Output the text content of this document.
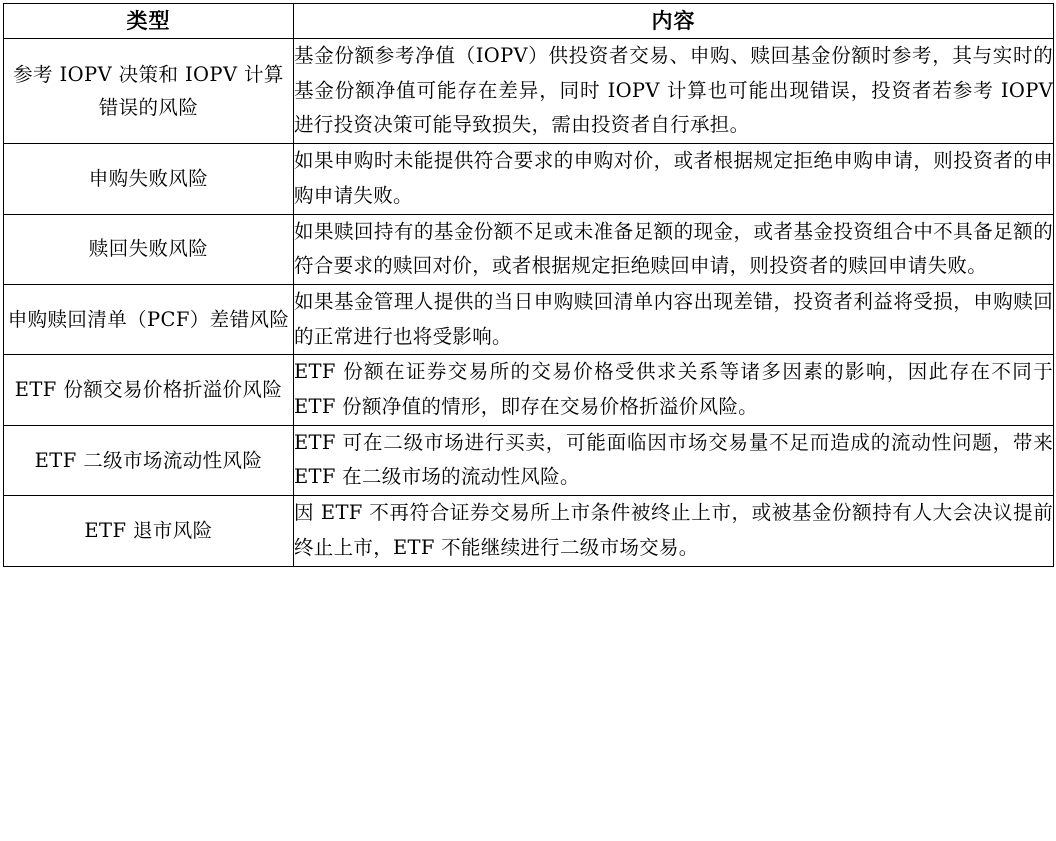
类型	内容
参考 IOPV 决策和 IOPV 计算错误的风险	基金份额参考净值（IOPV）供投资者交易、申购、赎回基金份额时参考，其与实时的基金份额净值可能存在差异，同时 IOPV 计算也可能出现错误，投资者若参考 IOPV 进行投资决策可能导致损失，需由投资者自行承担。
申购失败风险	如果申购时未能提供符合要求的申购对价，或者根据规定拒绝申购申请，则投资者的申购申请失败。
赎回失败风险	如果赎回持有的基金份额不足或未准备足额的现金，或者基金投资组合中不具备足额的符合要求的赎回对价，或者根据规定拒绝赎回申请，则投资者的赎回申请失败。
申购赎回清单（PCF）差错风险	如果基金管理人提供的当日申购赎回清单内容出现差错，投资者利益将受损，申购赎回的正常进行也将受影响。
ETF 份额交易价格折溢价风险	ETF 份额在证券交易所的交易价格受供求关系等诸多因素的影响，因此存在不同于 ETF 份额净值的情形，即存在交易价格折溢价风险。
ETF 二级市场流动性风险	ETF 可在二级市场进行买卖，可能面临因市场交易量不足而造成的流动性问题，带来 ETF 在二级市场的流动性风险。
ETF 退市风险	因 ETF 不再符合证券交易所上市条件被终止上市，或被基金份额持有人大会决议提前终止上市，ETF 不能继续进行二级市场交易。
